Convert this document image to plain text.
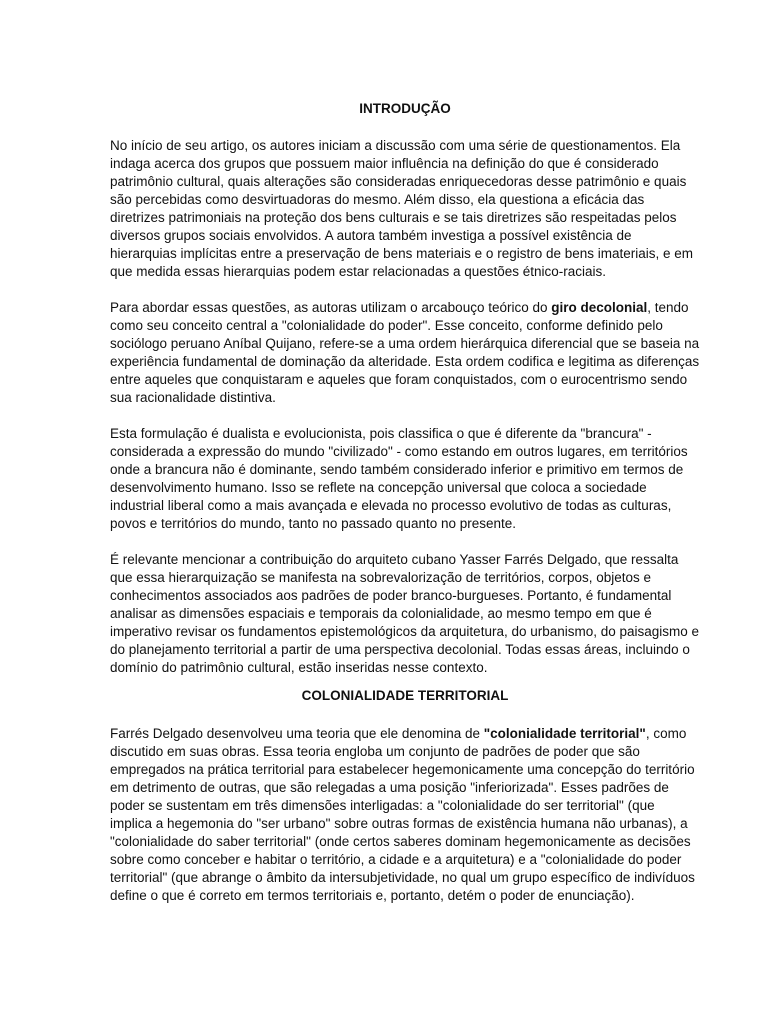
INTRODUÇÃO

No início de seu artigo, os autores iniciam a discussão com uma série de questionamentos. Ela indaga acerca dos grupos que possuem maior influência na definição do que é considerado patrimônio cultural, quais alterações são consideradas enriquecedoras desse patrimônio e quais são percebidas como desvirtuadoras do mesmo. Além disso, ela questiona a eficácia das diretrizes patrimoniais na proteção dos bens culturais e se tais diretrizes são respeitadas pelos diversos grupos sociais envolvidos. A autora também investiga a possível existência de hierarquias implícitas entre a preservação de bens materiais e o registro de bens imateriais, e em que medida essas hierarquias podem estar relacionadas a questões étnico-raciais.

Para abordar essas questões, as autoras utilizam o arcabouço teórico do giro decolonial, tendo como seu conceito central a "colonialidade do poder". Esse conceito, conforme definido pelo sociólogo peruano Aníbal Quijano, refere-se a uma ordem hierárquica diferencial que se baseia na experiência fundamental de dominação da alteridade. Esta ordem codifica e legitima as diferenças entre aqueles que conquistaram e aqueles que foram conquistados, com o eurocentrismo sendo sua racionalidade distintiva.

Esta formulação é dualista e evolucionista, pois classifica o que é diferente da "brancura" - considerada a expressão do mundo "civilizado" - como estando em outros lugares, em territórios onde a brancura não é dominante, sendo também considerado inferior e primitivo em termos de desenvolvimento humano. Isso se reflete na concepção universal que coloca a sociedade industrial liberal como a mais avançada e elevada no processo evolutivo de todas as culturas, povos e territórios do mundo, tanto no passado quanto no presente.

É relevante mencionar a contribuição do arquiteto cubano Yasser Farrés Delgado, que ressalta que essa hierarquização se manifesta na sobrevalorização de territórios, corpos, objetos e conhecimentos associados aos padrões de poder branco-burgueses. Portanto, é fundamental analisar as dimensões espaciais e temporais da colonialidade, ao mesmo tempo em que é imperativo revisar os fundamentos epistemológicos da arquitetura, do urbanismo, do paisagismo e do planejamento territorial a partir de uma perspectiva decolonial. Todas essas áreas, incluindo o domínio do patrimônio cultural, estão inseridas nesse contexto.

COLONIALIDADE TERRITORIAL

Farrés Delgado desenvolveu uma teoria que ele denomina de "colonialidade territorial", como discutido em suas obras. Essa teoria engloba um conjunto de padrões de poder que são empregados na prática territorial para estabelecer hegemonicamente uma concepção do território em detrimento de outras, que são relegadas a uma posição "inferiorizada". Esses padrões de poder se sustentam em três dimensões interligadas: a "colonialidade do ser territorial" (que implica a hegemonia do "ser urbano" sobre outras formas de existência humana não urbanas), a "colonialidade do saber territorial" (onde certos saberes dominam hegemonicamente as decisões sobre como conceber e habitar o território, a cidade e a arquitetura) e a "colonialidade do poder territorial" (que abrange o âmbito da intersubjetividade, no qual um grupo específico de indivíduos define o que é correto em termos territoriais e, portanto, detém o poder de enunciação).
